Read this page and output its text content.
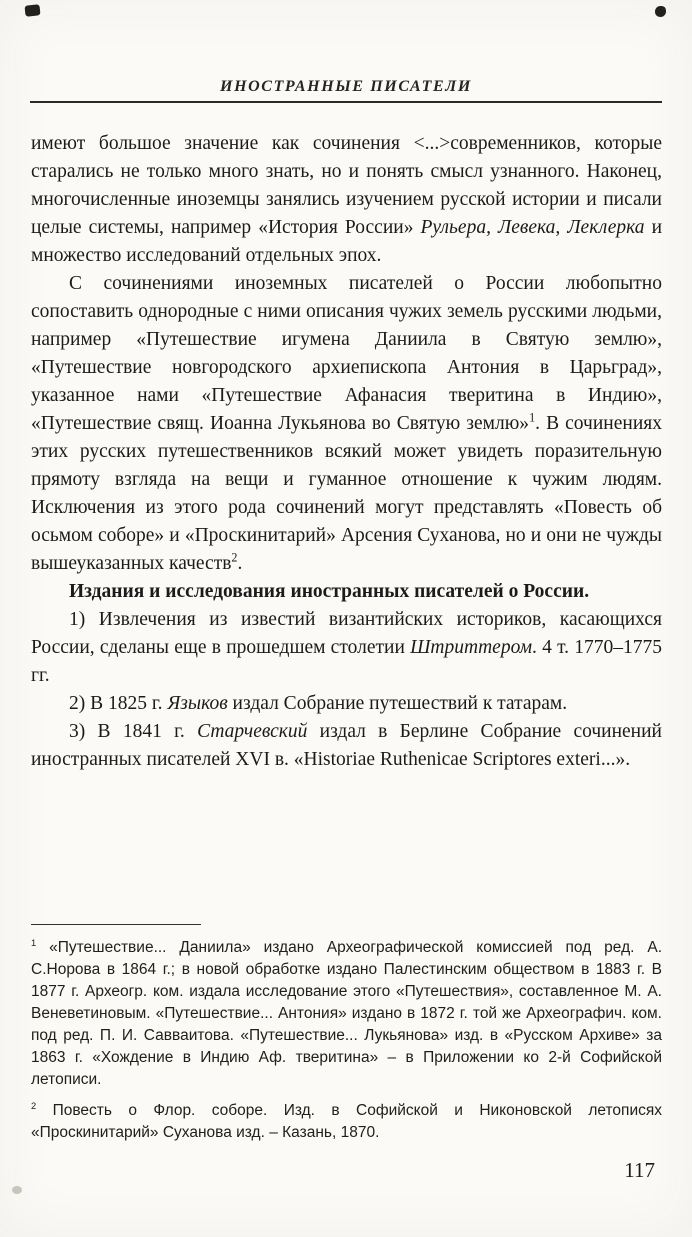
ИНОСТРАННЫЕ ПИСАТЕЛИ

имеют большое значение как сочинения <...>современников, которые старались не только много знать, но и понять смысл узнанного. Наконец, многочисленные иноземцы занялись изучением русской истории и писали целые системы, например «История России» Рульера, Левека, Леклерка и множество исследований отдельных эпох.

С сочинениями иноземных писателей о России любопытно сопоставить однородные с ними описания чужих земель русскими людьми, например «Путешествие игумена Даниила в Святую землю», «Путешествие новгородского архиепископа Антония в Царьград», указанное нами «Путешествие Афанасия тверитина в Индию», «Путешествие свящ. Иоанна Лукьянова во Святую землю»$^1$. В сочинениях этих русских путешественников всякий может увидеть поразительную прямоту взгляда на вещи и гуманное отношение к чужим людям. Исключения из этого рода сочинений могут представлять «Повесть об осьмом соборе» и «Проскинитарий» Арсения Суханова, но и они не чужды вышеуказанных качеств$^2$.

Издания и исследования иностранных писателей о России.

1) Извлечения из известий византийских историков, касающихся России, сделаны еще в прошедшем столетии Штриттером. 4 т. 1770–1775 гг.

2) В 1825 г. Языков издал Собрание путешествий к татарам.

3) В 1841 г. Старчевский издал в Берлине Собрание сочинений иностранных писателей XVI в. «Historiae Ruthenicae Scriptores exteri...».

$^1$ «Путешествие... Даниила» издано Археографической комиссией под ред. А. С.Норова в 1864 г.; в новой обработке издано Палестинским обществом в 1883 г. В 1877 г. Археогр. ком. издала исследование этого «Путешествия», составленное М. А. Веневетиновым. «Путешествие... Антония» издано в 1872 г. той же Археографич. ком. под ред. П. И. Савваитова. «Путешествие... Лукьянова» изд. в «Русском Архиве» за 1863 г. «Хождение в Индию Аф. тверитина» – в Приложении ко 2-й Софийской летописи.

$^2$ Повесть о Флор. соборе. Изд. в Софийской и Никоновской летописях «Проскинитарий» Суханова изд. – Казань, 1870.

117
